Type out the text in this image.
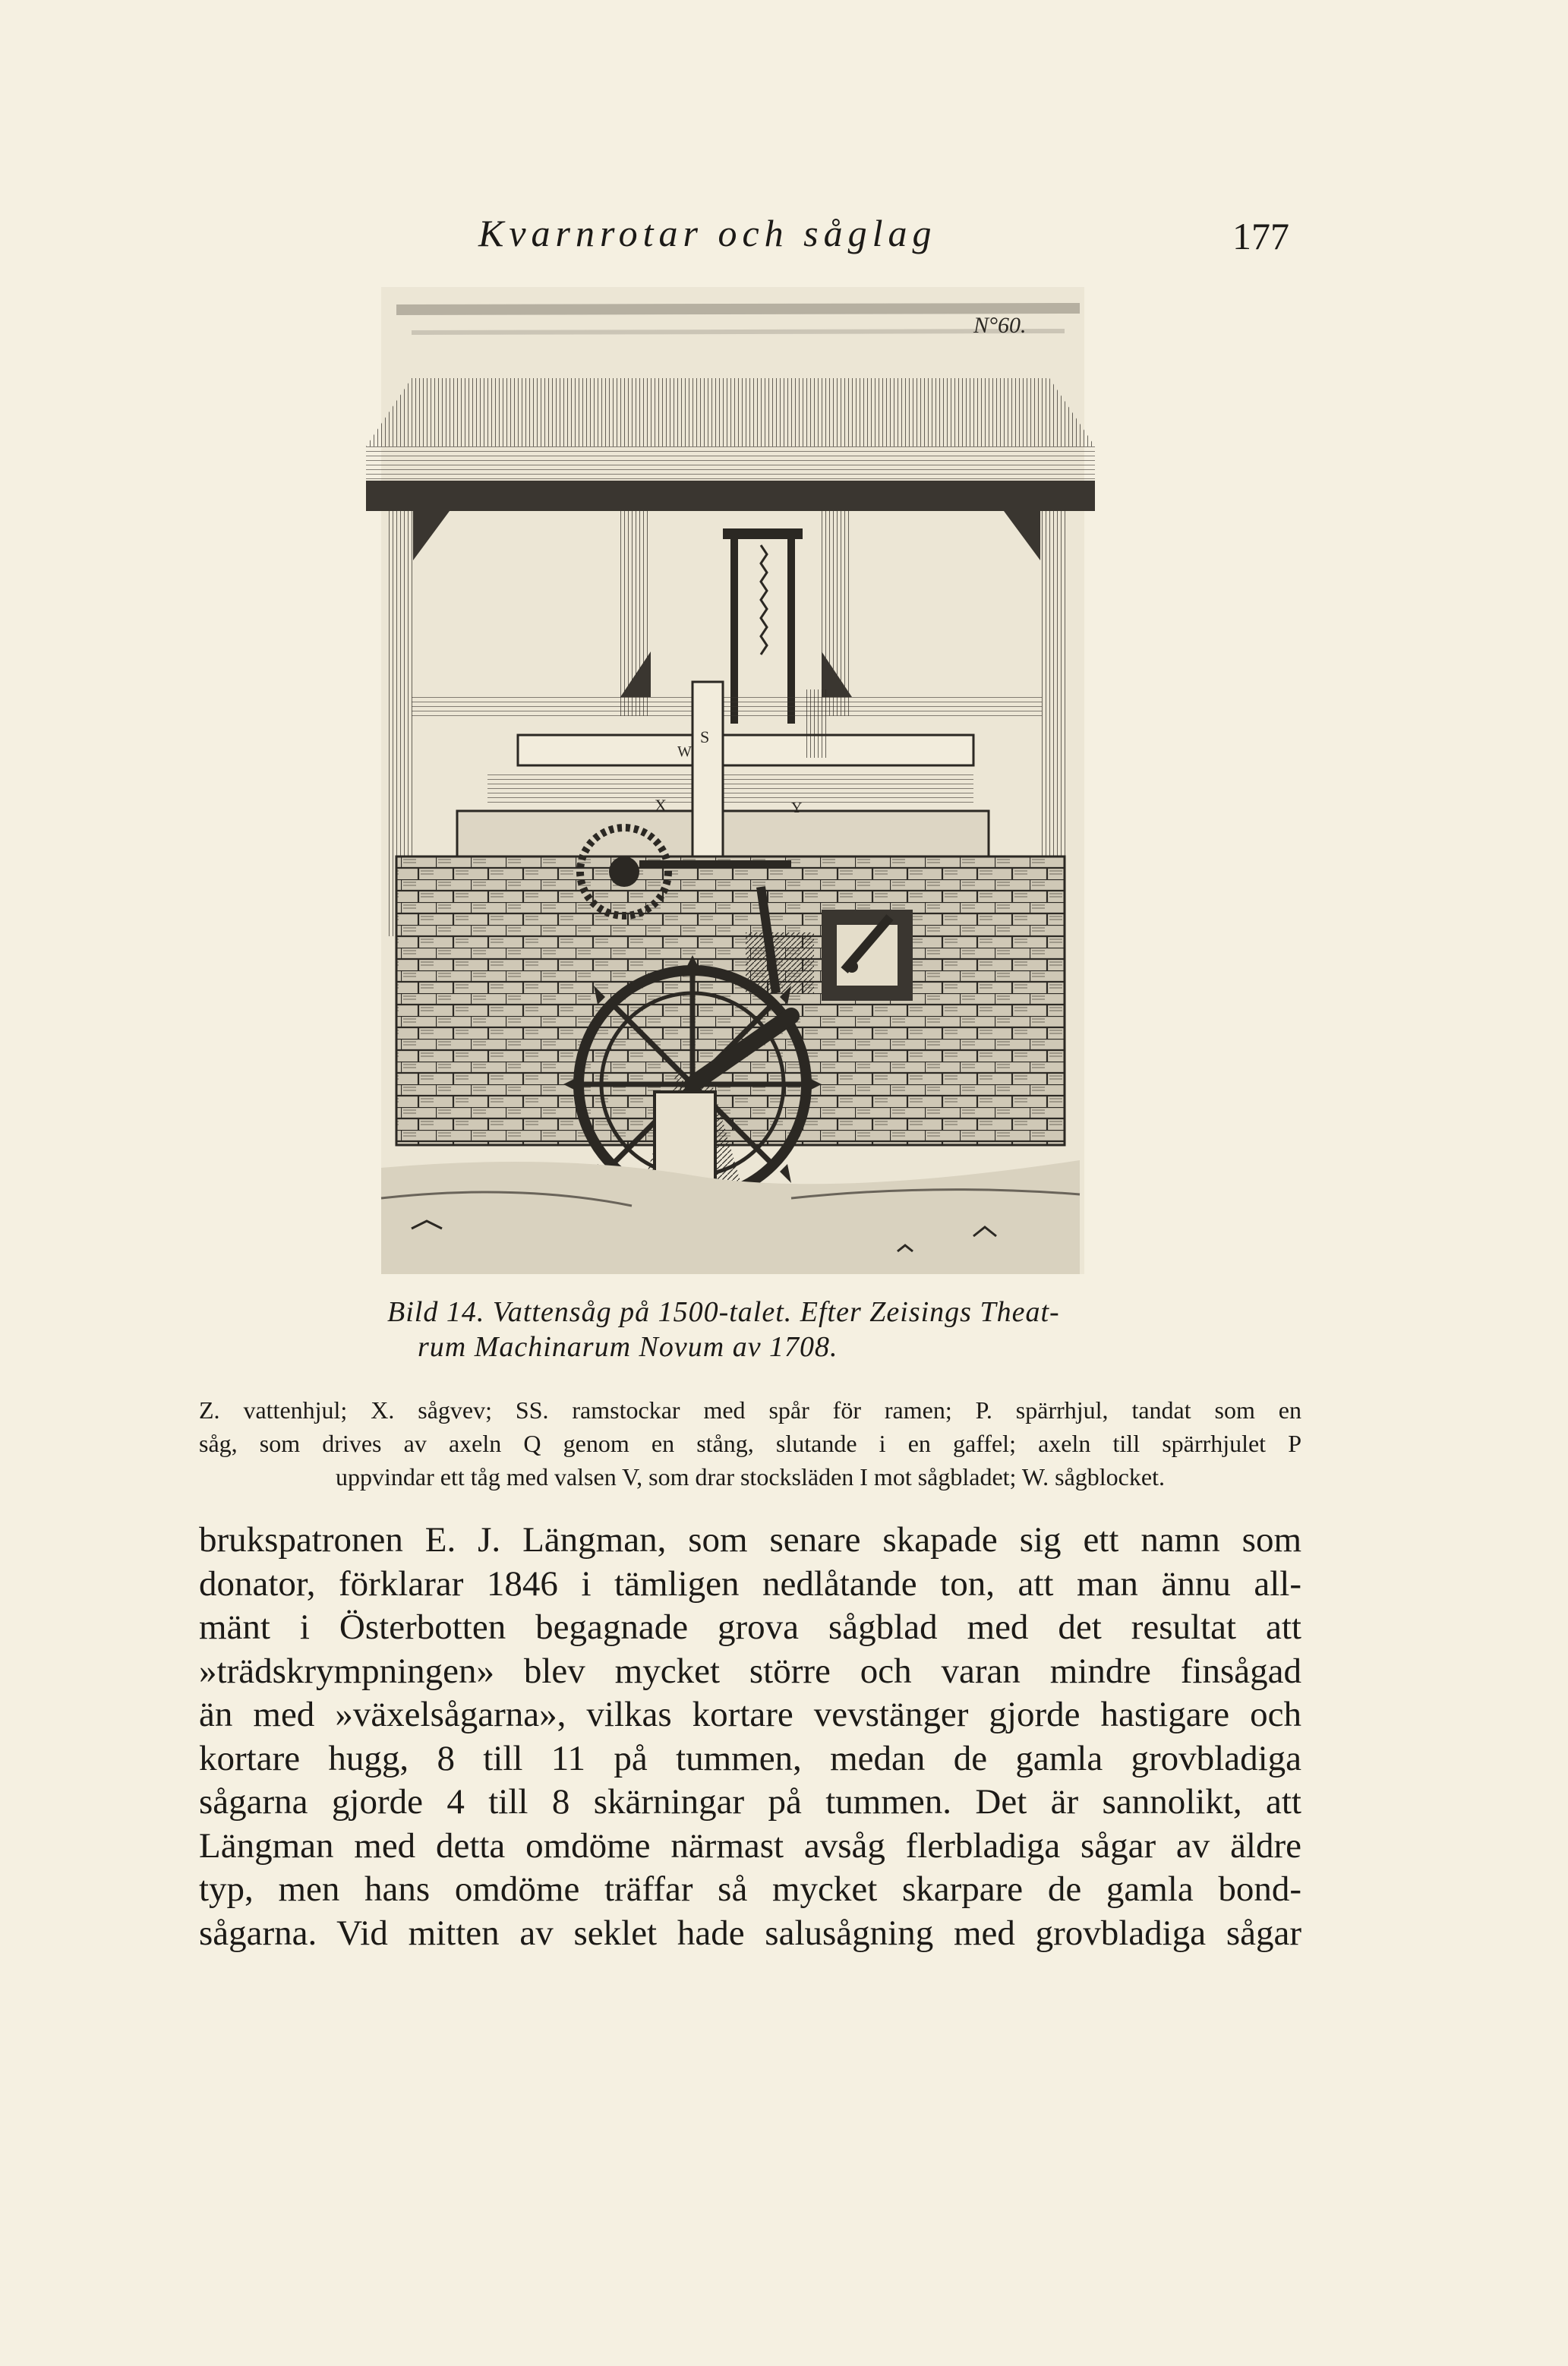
Kvarnrotar och såglag	177
N°60.
S
W
X	Y
Bild 14. Vattensåg på 1500-talet. Efter Zeisings Theat-
rum Machinarum Novum av 1708.
Z. vattenhjul; X. sågvev; SS. ramstockar med spår för ramen; P. spärrhjul, tandat som en
såg, som drives av axeln Q genom en stång, slutande i en gaffel; axeln till spärrhjulet P
uppvindar ett tåg med valsen V, som drar stocksläden I mot sågbladet; W. sågblocket.
brukspatronen E. J. Längman, som senare skapade sig ett namn som
donator, förklarar 1846 i tämligen nedlåtande ton, att man ännu all-
mänt i Österbotten begagnade grova sågblad med det resultat att
»trädskrympningen» blev mycket större och varan mindre finsågad
än med »växelsågarna», vilkas kortare vevstänger gjorde hastigare och
kortare hugg, 8 till 11 på tummen, medan de gamla grovbladiga
sågarna gjorde 4 till 8 skärningar på tummen. Det är sannolikt, att
Längman med detta omdöme närmast avsåg flerbladiga sågar av äldre
typ, men hans omdöme träffar så mycket skarpare de gamla bond-
sågarna. Vid mitten av seklet hade salusågning med grovbladiga sågar
